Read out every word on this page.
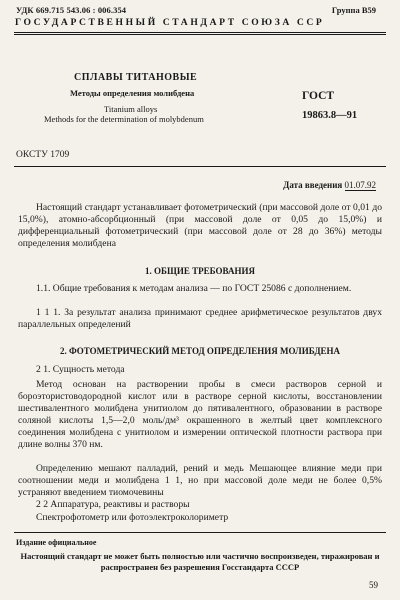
УДК 669.715 543.06 : 006.354	Группа B59
ГОСУДАРСТВЕННЫЙ СТАНДАРТ СОЮЗА ССР
СПЛАВЫ ТИТАНОВЫЕ
Методы определения молибдена
Titanium alloys
Methods for the determination of molybdenum
ГОСТ
19863.8—91
ОКСТУ 1709
Дата введения 01.07.92
Настоящий стандарт устанавливает фотометрический (при массовой доле от 0,01 до 15,0%), атомно-абсорбционный (при массовой доле от 0,05 до 15,0%) и дифференциальный фотометрический (при массовой доле от 28 до 36%) методы определения молибдена
1. ОБЩИЕ ТРЕБОВАНИЯ
1.1. Общие требования к методам анализа — по ГОСТ 25086 с дополнением.
1 1 1. За результат анализа принимают среднее арифметическое результатов двух параллельных определений
2. ФОТОМЕТРИЧЕСКИЙ МЕТОД ОПРЕДЕЛЕНИЯ МОЛИБДЕНА
2 1. Сущность метода
Метод основан на растворении пробы в смеси растворов серной и бороэтористоводородной кислот или в растворе серной кислоты, восстановлении шестивалентного молибдена унитиолом до пятивалентного, образовании в растворе соляной кислоты 1,5—2,0 моль/дм³ окрашенного в желтый цвет комплексного соединения молибдена с унитиолом и измерении оптической плотности раствора при длине волны 370 нм.
Определению мешают палладий, рений и медь Мешающее влияние меди при соотношении меди и молибдена 1 1, но при массовой доле меди не более 0,5% устраняют введением тиомочевины
2 2 Аппаратура, реактивы и растворы
Спектрофотометр или фотоэлектроколориметр
Издание официальное
Настоящий стандарт не может быть полностью или частично воспроизведен, тиражирован и распространен без разрешения Госстандарта СССР
59
